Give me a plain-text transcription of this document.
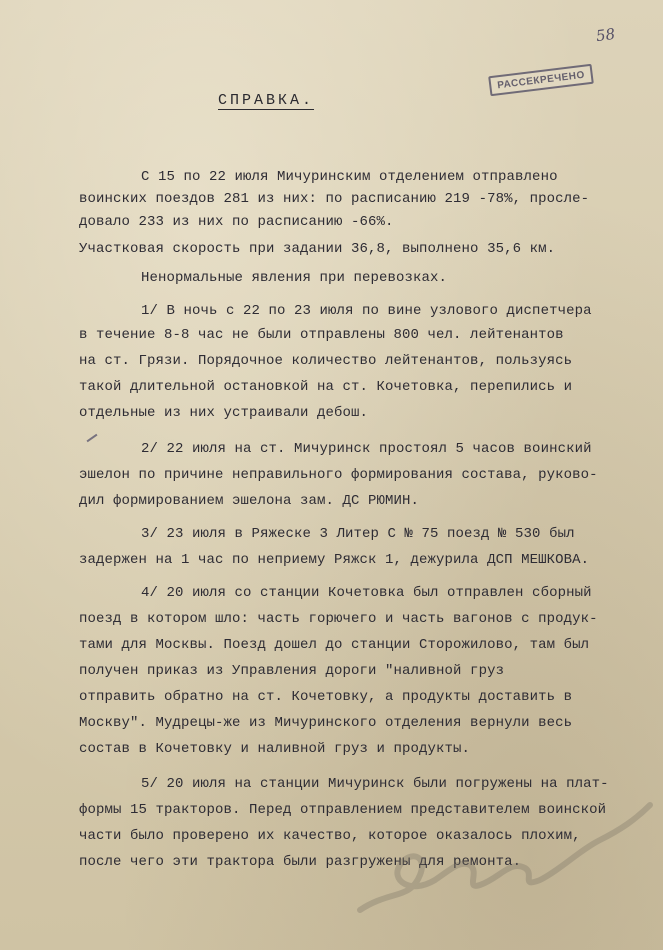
58
РАССЕКРЕЧЕНО
СПРАВКА.

С 15 по 22 июля Мичуринским отделением отправлено

воинских поездов 281 из них: по расписанию 219 -78%, просле-

довало 233 из них по расписанию -66%.

Участковая скорость при задании 36,8, выполнено 35,6 км.

Ненормальные явления при перевозках.

1/ В ночь с 22 по 23 июля по вине узлового диспетчера

в течение 8-8 час не были отправлены 800 чел. лейтенантов

на ст. Грязи. Порядочное количество лейтенантов, пользуясь

такой длительной остановкой на ст. Кочетовка, перепились и

отдельные из них устраивали дебош.

2/ 22 июля на ст. Мичуринск простоял 5 часов воинский

эшелон по причине неправильного формирования состава, руково-

дил формированием эшелона зам. ДС РЮМИН.

3/ 23 июля в Ряжеске 3 Литер С № 75 поезд № 530 был

задержен на 1 час по неприему Ряжск 1, дежурила ДСП МЕШКОВА.

4/ 20 июля со станции Кочетовка был отправлен сборный

поезд в котором шло: часть горючего и часть вагонов с продук-

тами для Москвы. Поезд дошел до станции Сторожилово, там был

получен приказ из Управления дороги "наливной груз

отправить обратно на ст. Кочетовку, а продукты доставить в

Москву". Мудрецы-же из Мичуринского отделения вернули весь

состав в Кочетовку и наливной груз и продукты.

5/ 20 июля на станции Мичуринск были погружены на плат-

формы 15 тракторов. Перед отправлением представителем воинской

части было проверено их качество, которое оказалось плохим,

после чего эти трактора были разгружены для ремонта.
